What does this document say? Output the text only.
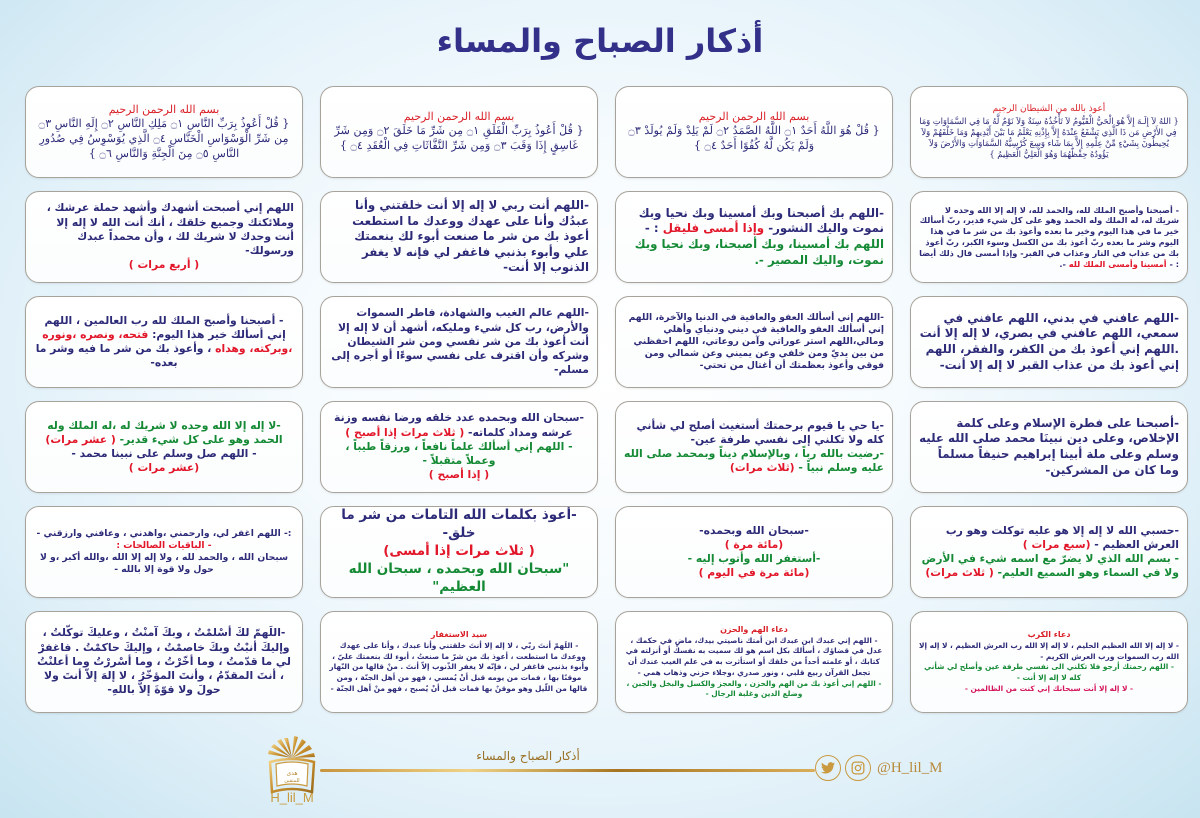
أذكار الصباح والمساء

أعوذ بالله من الشيطان الرجيم

{ اللهُ لاَ إِلَـهَ إِلاَّ هُوَ الْحَيُّ الْقَيُّومُ لاَ تَأْخُذُهُ سِنَةٌ وَلاَ نَوْمٌ لَّهُ مَا فِي السَّمَاوَاتِ وَمَا فِي الأَرْضِ مَن ذَا الَّذِي يَشْفَعُ عِنْدَهُ إِلاَّ بِإِذْنِهِ يَعْلَمُ مَا بَيْنَ أَيْدِيهِمْ وَمَا خَلْفَهُمْ وَلاَ يُحِيطُونَ بِشَيْءٍ مِّنْ عِلْمِهِ إِلاَّ بِمَا شَاء وَسِعَ كُرْسِيُّهُ السَّمَاوَاتِ وَالأَرْضَ وَلاَ يَؤُودُهُ حِفْظُهُمَا وَهُوَ الْعَلِيُّ الْعَظِيمُ }

بسم الله الرحمن الرحيم

{ قُلْ هُوَ اللَّهُ أَحَدٌ ۝١ اللَّهُ الصَّمَدُ ۝٢ لَمْ يَلِدْ وَلَمْ يُولَدْ ۝٣ وَلَمْ يَكُن لَّهُ كُفُوًا أَحَدٌ ۝٤ }

بسم الله الرحمن الرحيم

{ قُلْ أَعُوذُ بِرَبِّ الْفَلَقِ ۝١ مِن شَرِّ مَا خَلَقَ ۝٢ وَمِن شَرِّ غَاسِقٍ إِذَا وَقَبَ ۝٣ وَمِن شَرِّ النَّفَّاثَاتِ فِي الْعُقَدِ ۝٤ }

بسم الله الرحمن الرحيم

{ قُلْ أَعُوذُ بِرَبِّ النَّاسِ ۝١ مَلِكِ النَّاسِ ۝٢ إِلَهِ النَّاسِ ۝٣ مِن شَرِّ الْوَسْوَاسِ الْخَنَّاسِ ۝٤ الَّذِي يُوَسْوِسُ فِي صُدُورِ النَّاسِ ۝٥ مِنَ الْجِنَّةِ وَالنَّاسِ ۝٦ }

- أصبحنا وأصبح الملك لله، والحمد لله، لا إله إلا الله وحده لا شريك له، له الملك وله الحمد وهو على كل شيء قدير، ربّ أسألك خير ما في هذا اليوم وخير ما بعده وأعوذ بك من شر ما في هذا اليوم وشر ما بعده ربّ أعوذ بك من الكسل وسوء الكبر، ربّ أعوذ بك من عذاب في النار وعذاب في القبر- وإذا أمسى قال ذلك أيضا : - أمسينا وأمسى الملك لله -.

-اللهم بك أصبحنا وبك أمسينا وبك نحيا وبك نموت واليك النشور- وإذا أمسى فليقل : - اللهم بك أمسينا، وبك أصبحنا، وبك نحيا وبك نموت، واليك المصير -.

-اللهم أنت ربي لا إله إلا أنت خلقتني وأنا عبدُك وأنا على عهدك ووعدك ما استطعت أعوذ بك من شر ما صنعت أبوء لك بنعمتك علي وأبوء بذنبي فاغفر لي فإنه لا يغفر الذنوب إلا أنت-

اللهم إني أصبحت أشهدك وأشهد حملة عرشك ، وملائكتك وجميع خلقك ، أنك أنت الله لا إله إلا أنت وحدك لا شريك لك ، وأن محمداً عبدك ورسولك-

( أربع مرات )

-اللهم عافني في بدني، اللهم عافني في سمعي، اللهم عافني في بصري، لا إله إلا أنت .اللهم إني أعوذ بك من الكفر، والفقر، اللهم إني أعوذ بك من عذاب القبر لا إله إلا أنت-

-اللهم إني أسألك العفو والعافية في الدنيا والآخرة، اللهم إني أسألك العفو والعافية في ديني ودنياي وأهلي ومالي،اللهم استر عوراتي وآمن روعاتي، اللهم احفظني من بين يديّ ومن خلفي وعن يميني وعن شمالي ومن فوقي وأعوذ بعظمتك أن أغتال من تحتي-

-اللهم عالم الغيب والشهادة، فاطر السموات والأرض، رب كل شيء ومليكه، أشهد أن لا إله إلا أنت أعوذ بك من شر نفسي ومن شر الشيطان وشركه وأن اقترف على نفسي سوءًا أو أجره إلى مسلم-

- أصبحنا وأصبح الملك لله رب العالمين ، اللهم إني أسألك خير هذا اليوم: فتحه، ونصره ،ونوره ،وبركته، وهداه ، وأعوذ بك من شر ما فيه وشر ما بعده-

-أصبحنا على فطرة الإسلام وعلى كلمة الإخلاص، وعلى دين نبينَا محمد صلى الله عليه وسلم وعلى ملة أبينا إبراهيم حنيفاً مسلماً وما كان من المشركين-

-يا حي يا قيوم برحمتك أستغيث أصلح لي شأني كله ولا تكلني إلى نفسي طرفة عين-

-رضيت بالله رباً ، وبالإسلام ديناً وبمحمد صلى الله عليه وسلم نبياً - (ثلاث مرات)

-سبحان الله وبحمده عدد خلقه ورضا نفسه وزنة عرشه ومداد كلماته- ( ثلاث مرات إذا أصبح )

- اللهم إني أسألك علماً نافعاً ، ورزقاً طيباً ، وعملاً متقبلاً -

( إذا أصبح )

-لا إله إلا الله وحده لا شريك له ،له الملك وله الحمد وهو على كل شيء قدير- ( عشر مرات)

- اللهم صل وسلم على نبينا محمد -

(عشر مرات )

-حسبي الله لا إله إلا هو عليه توكلت وهو رب العرش العظيم - (سبع مرات )

- بسم الله الذي لا يضرّ مع اسمه شيء في الأرض ولا في السماء وهو السميع العليم- ( ثلاث مرات)

-سبحان الله وبحمده-

(مائة مرة )

-أستغفر الله وأتوب إليه -

(مائة مرة في اليوم )

-أعوذ بكلمات الله التامات من شر ما خلق-

( ثلاث مرات إذا أمسى)

"سبحان الله وبحمده ، سبحان الله العظيم"

:- اللهم اغفر لي، وارحمني ،واهدني ، وعافني وارزقني -

- الباقيات الصالحات :

سبحان الله ، والحمد لله ، ولا إله إلا الله ،والله أكبر ،و لا حول ولا قوة إلا بالله -

دعاء الكرب

- لا إله إلا الله العظيم الحليم ، لا إله إلا الله رب العرش العظيم ، لا إله إلا الله رب السموات ورب العرش الكريم -

- اللهم رحمتك أرجو فلا تكلني الى نفسي طرفة عين وأصلح لي شأني كله لا إله إلا أنت -

- لا إله إلا أنت سبحانك إني كنت من الظالمين -

دعاء الهم والحزن

- اللهم إني عبدك ابن عبدك ابن أمتك ناصيتي بيدك، ماضٍ في حكمك ، عدل في قضاؤك ، أسألك بكل اسم هو لك سميت به نفسك أو أنزلته في كتابك ، أو علمته أحداً من خلقك أو استأثرت به في علم الغيب عندك أن تجعل القرآن ربيع قلبي ، ونور صدري ،وجلاء حزني وذهاب همي -

- اللهم إني أعوذ بك من الهم والحزن ، والعجز والكسل والبخل والجبن ، وضلع الدين وغلبة الرجال -

سيد الاستغفار

- اللَهمّ أنتَ ربّي ، لا إله إلا أنتَ خلقتني وأنا عبدك ، وأنا على عهدك ووعدك ما استطعت ، أعوذ بك من شرّ ما صنعتُ ، أبوء لك بنعمتك عليّ ، وأبوء بذنبي فاغفر لي ، فإنّه لا يغفر الذّنوب إلاّ أنتَ . منْ قالها من النّهار موقنًا بها ، فمات من يومه قبل أنْ يُمسي ، فهو من أهل الجنّة ، ومن قالها من اللّيل وهو موقنٌ بها فمات قبل أنْ يُصبح ، فهو منْ أهل الجنّة -

-اللَهمّ لكَ أسْلمْتُ ، وبكَ آمنْتُ ، وعليكَ توكّلتُ ، وإليكَ أنبْتُ وبكَ خاصمْتُ ، وإليكَ حاكمْتُ . فاغفرْ لي ما قدّمتُ ، وما أخّرْتُ ، وما أسْررْتُ وما أعلنْتُ ، أنتَ المقدّمُ ، وأنتَ المؤخّرُ ، لا إلهَ إلاّ أنتَ ولا حولَ ولا قوّةَ إلاّ باللهِ-

هدى
للمتقين
H_lil_M
أذكار الصباح والمساء
@H_lil_M
